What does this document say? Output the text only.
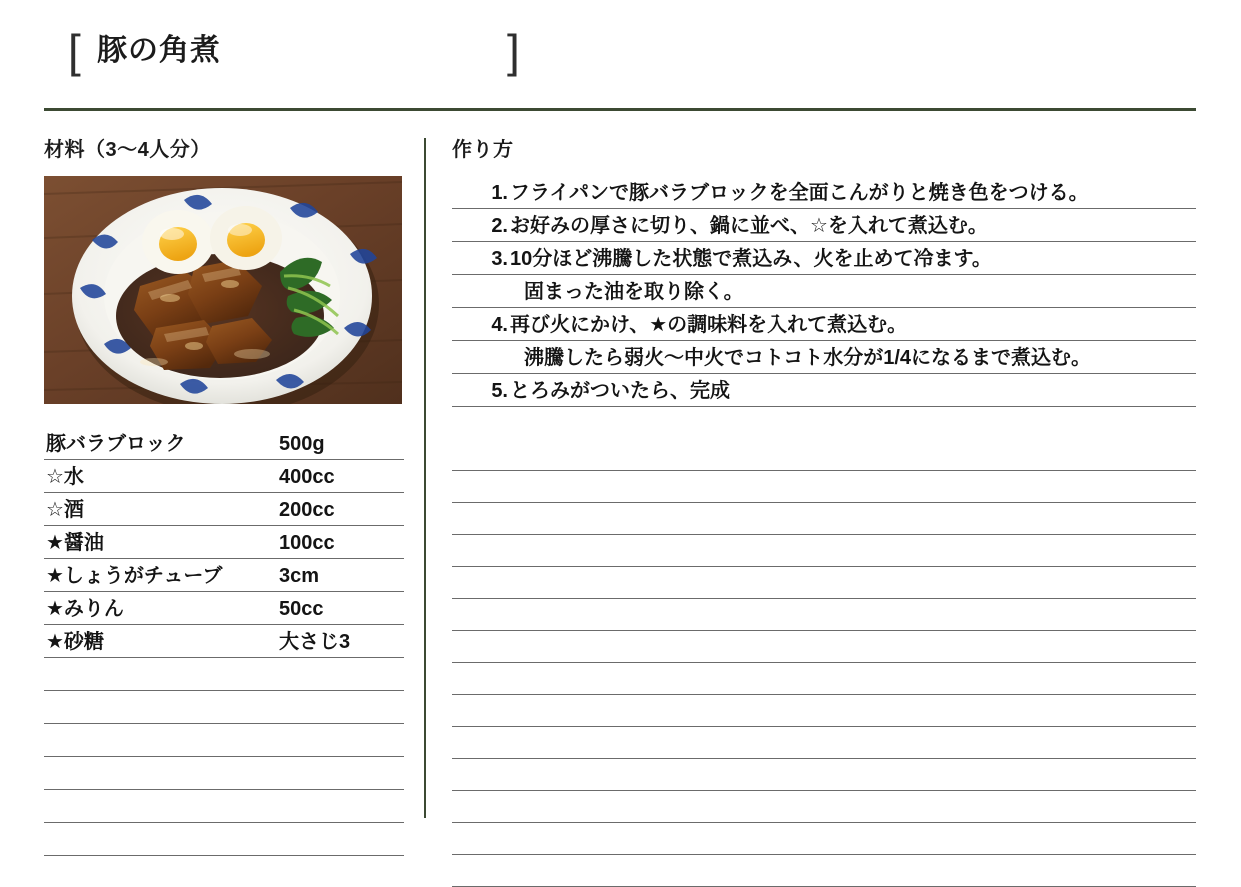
[ 豚の角煮	]
材料（3〜4人分）
豚バラブロック	500g
☆水	400cc
☆酒	200cc
★醤油	100cc
★しょうがチューブ	3cm
★みりん	50cc
★砂糖	大さじ3

作り方
1. フライパンで豚バラブロックを全面こんがりと焼き色をつける。
2. お好みの厚さに切り、鍋に並べ、☆を入れて煮込む。
3. 10分ほど沸騰した状態で煮込み、火を止めて冷ます。
固まった油を取り除く。
4. 再び火にかけ、★の調味料を入れて煮込む。
沸騰したら弱火〜中火でコトコト水分が1/4になるまで煮込む。
5. とろみがついたら、完成
